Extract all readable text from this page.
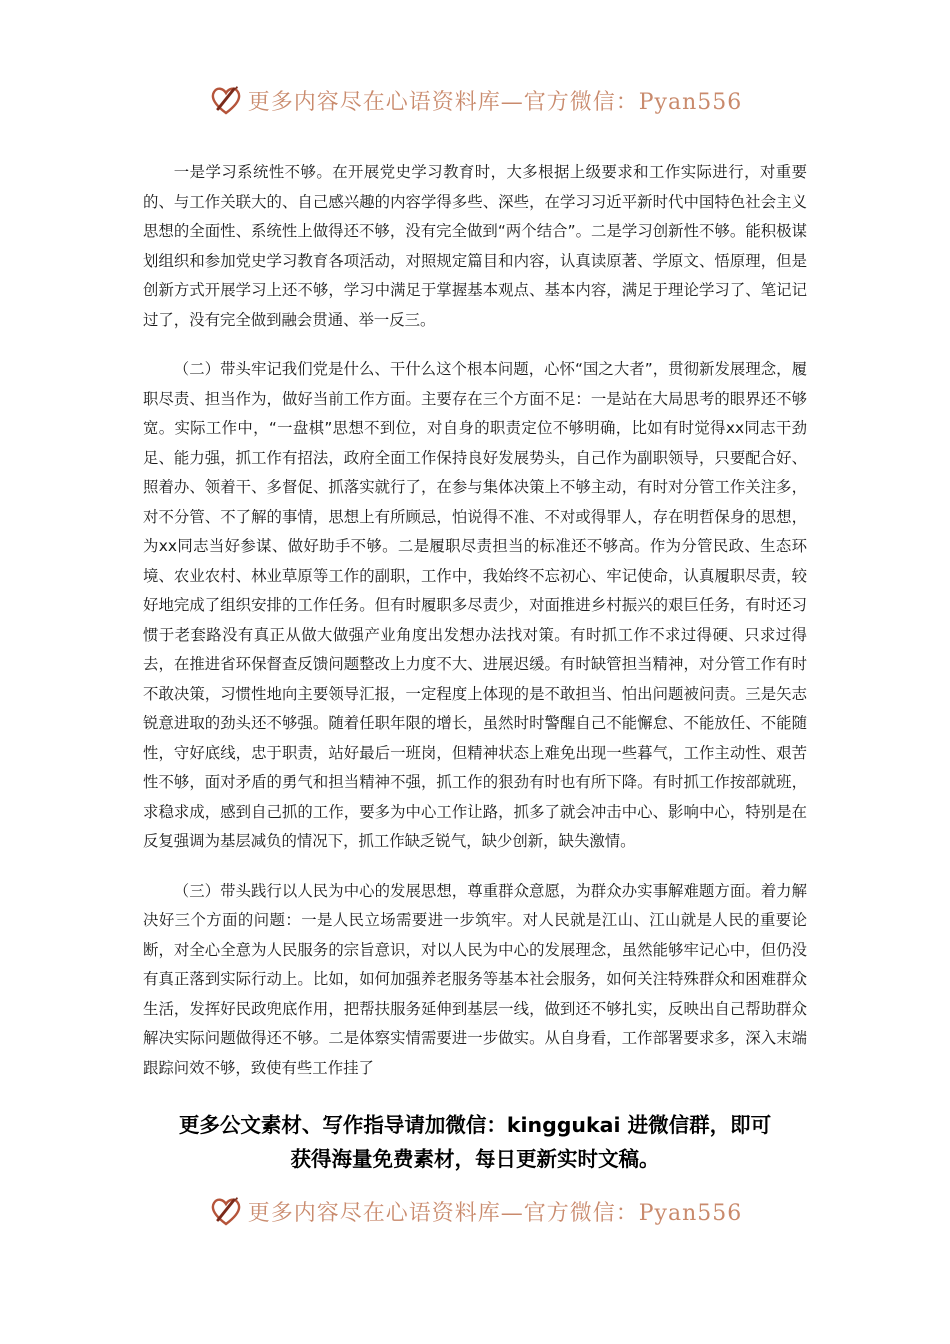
更多内容尽在心语资料库—官方微信：Pyan556

一是学习系统性不够。在开展党史学习教育时，大多根据上级要求和工作实际进行，对重要的、与工作关联大的、自己感兴趣的内容学得多些、深些，在学习习近平新时代中国特色社会主义思想的全面性、系统性上做得还不够，没有完全做到“两个结合”。二是学习创新性不够。能积极谋划组织和参加党史学习教育各项活动，对照规定篇目和内容，认真读原著、学原文、悟原理，但是创新方式开展学习上还不够，学习中满足于掌握基本观点、基本内容，满足于理论学习了、笔记记过了，没有完全做到融会贯通、举一反三。

（二）带头牢记我们党是什么、干什么这个根本问题，心怀“国之大者”，贯彻新发展理念，履职尽责、担当作为，做好当前工作方面。主要存在三个方面不足：一是站在大局思考的眼界还不够宽。实际工作中，“一盘棋”思想不到位，对自身的职责定位不够明确，比如有时觉得xx同志干劲足、能力强，抓工作有招法，政府全面工作保持良好发展势头，自己作为副职领导，只要配合好、照着办、领着干、多督促、抓落实就行了，在参与集体决策上不够主动，有时对分管工作关注多，对不分管、不了解的事情，思想上有所顾忌，怕说得不准、不对或得罪人，存在明哲保身的思想，为xx同志当好参谋、做好助手不够。二是履职尽责担当的标准还不够高。作为分管民政、生态环境、农业农村、林业草原等工作的副职，工作中，我始终不忘初心、牢记使命，认真履职尽责，较好地完成了组织安排的工作任务。但有时履职多尽责少，对面推进乡村振兴的艰巨任务，有时还习惯于老套路没有真正从做大做强产业角度出发想办法找对策。有时抓工作不求过得硬、只求过得去，在推进省环保督查反馈问题整改上力度不大、进展迟缓。有时缺管担当精神，对分管工作有时不敢决策，习惯性地向主要领导汇报，一定程度上体现的是不敢担当、怕出问题被问责。三是矢志锐意进取的劲头还不够强。随着任职年限的增长，虽然时时警醒自己不能懈怠、不能放任、不能随性，守好底线，忠于职责，站好最后一班岗，但精神状态上难免出现一些暮气，工作主动性、艰苦性不够，面对矛盾的勇气和担当精神不强，抓工作的狠劲有时也有所下降。有时抓工作按部就班，求稳求成，感到自己抓的工作，要多为中心工作让路，抓多了就会冲击中心、影响中心，特别是在反复强调为基层减负的情况下，抓工作缺乏锐气，缺少创新，缺失激情。

（三）带头践行以人民为中心的发展思想，尊重群众意愿，为群众办实事解难题方面。着力解决好三个方面的问题：一是人民立场需要进一步筑牢。对人民就是江山、江山就是人民的重要论断，对全心全意为人民服务的宗旨意识，对以人民为中心的发展理念，虽然能够牢记心中，但仍没有真正落到实际行动上。比如，如何加强养老服务等基本社会服务，如何关注特殊群众和困难群众生活，发挥好民政兜底作用，把帮扶服务延伸到基层一线，做到还不够扎实，反映出自己帮助群众解决实际问题做得还不够。二是体察实情需要进一步做实。从自身看，工作部署要求多，深入末端跟踪问效不够，致使有些工作挂了

更多公文素材、写作指导请加微信：kinggukai 进微信群，即可
获得海量免费素材，每日更新实时文稿。
更多内容尽在心语资料库—官方微信：Pyan556
